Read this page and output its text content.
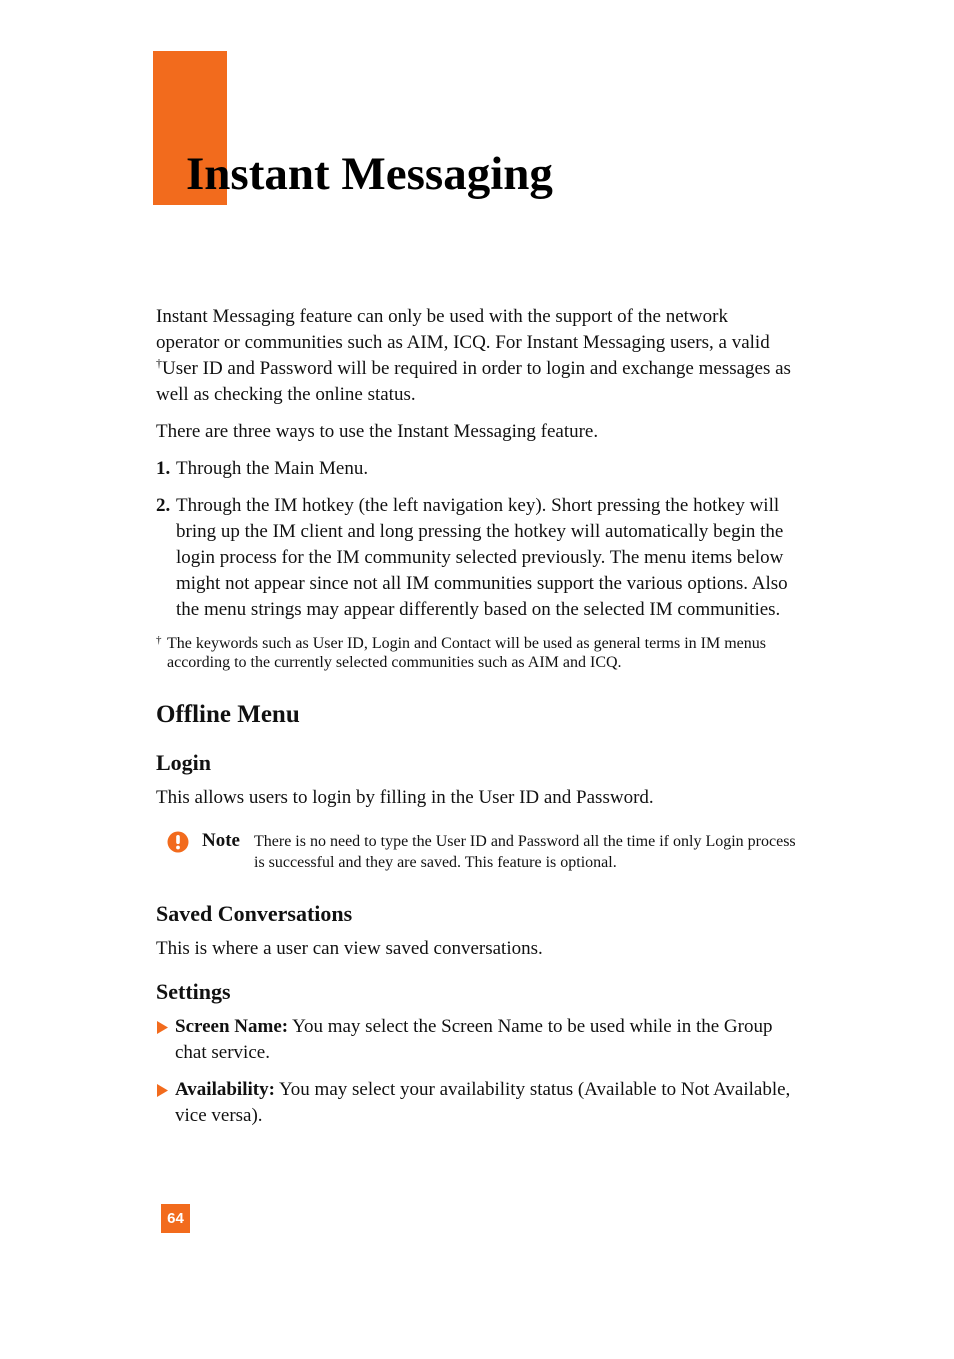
Instant Messaging

Instant Messaging feature can only be used with the support of the network operator or communities such as AIM, ICQ. For Instant Messaging users, a valid †User ID and Password will be required in order to login and exchange messages as well as checking the online status.

There are three ways to use the Instant Messaging feature.

1. Through the Main Menu.
2. Through the IM hotkey (the left navigation key). Short pressing the hotkey will bring up the IM client and long pressing the hotkey will automatically begin the login process for the IM community selected previously. The menu items below might not appear since not all IM communities support the various options. Also the menu strings may appear differently based on the selected IM communities.
† The keywords such as User ID, Login and Contact will be used as general terms in IM menus according to the currently selected communities such as AIM and ICQ.
Offline Menu
Login

This allows users to login by filling in the User ID and Password.

Note There is no need to type the User ID and Password all the time if only Login process is successful and they are saved. This feature is optional.
Saved Conversations

This is where a user can view saved conversations.

Settings
Screen Name: You may select the Screen Name to be used while in the Group chat service.
Availability: You may select your availability status (Available to Not Available, vice versa).
64
